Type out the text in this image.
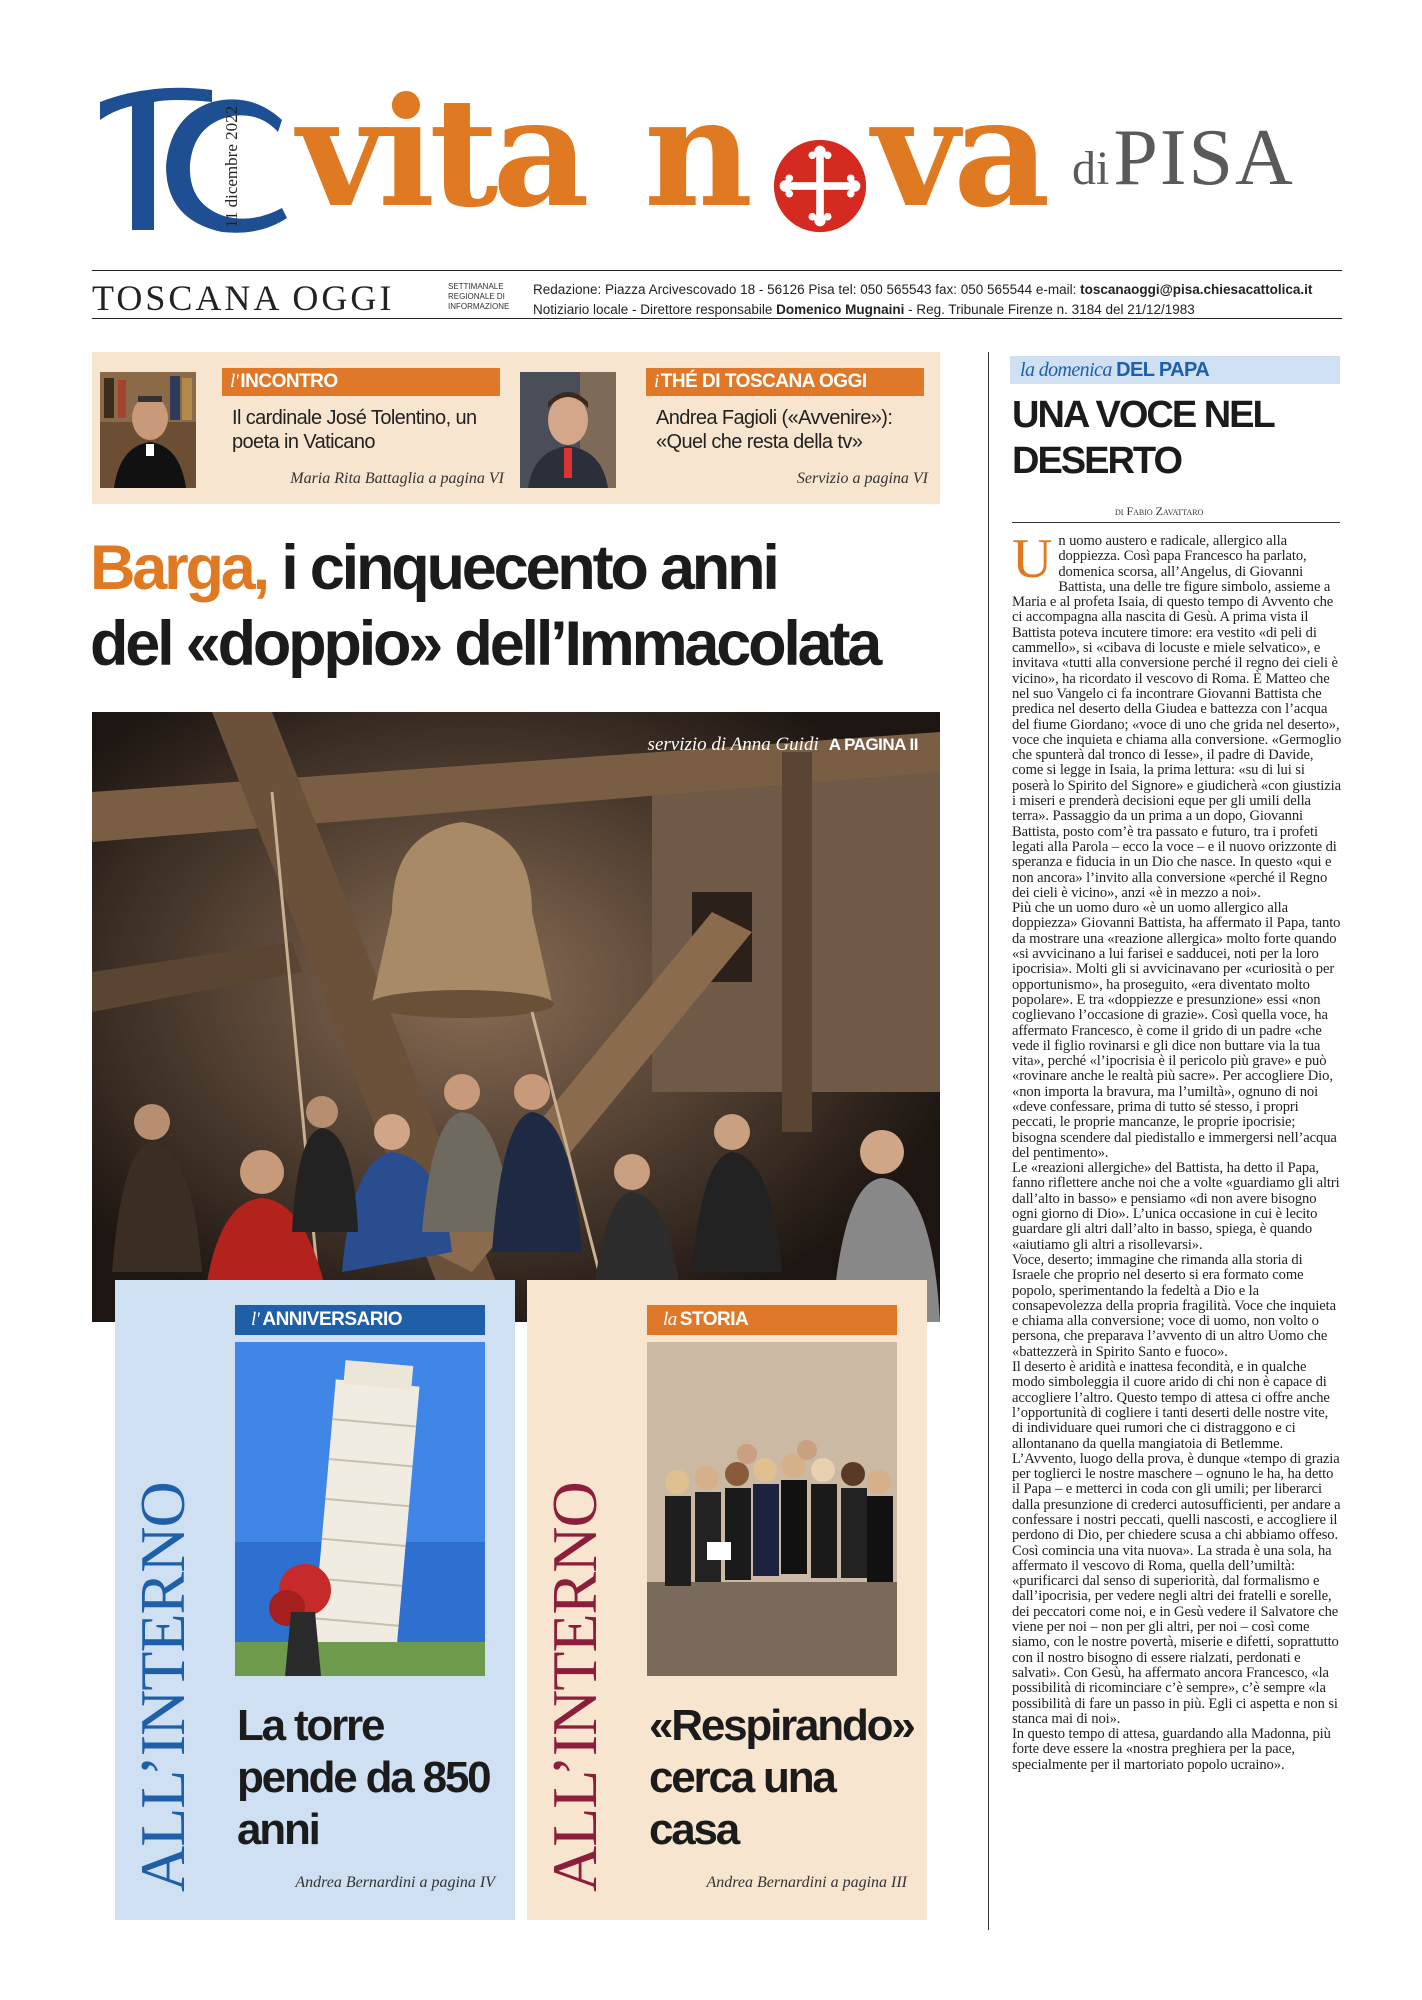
11 dicembre 2022 vita n va di PISA
TOSCANA OGGI	SETTIMANALE REGIONALE DI INFORMAZIONE
Redazione: Piazza Arcivescovado 18 - 56126 Pisa tel: 050 565543 fax: 050 565544 e-mail: toscanaoggi@pisa.chiesacattolica.it
Notiziario locale - Direttore responsabile Domenico Mugnaini - Reg. Tribunale Firenze n. 3184 del 21/12/1983
l' INCONTRO
Il cardinale José Tolentino, un poeta in Vaticano
Maria Rita Battaglia a pagina VI
i THÉ DI TOSCANA OGGI
Andrea Fagioli («Avvenire»): «Quel che resta della tv»
Servizio a pagina VI
Barga, i cinquecento anni
del «doppio» dell’Immacolata
servizio di Anna Guidi A PAGINA II
ALL’INTERNO
l' ANNIVERSARIO
La torre pende da 850 anni
Andrea Bernardini a pagina IV ALL’INTERNO
la STORIA
«Respirando» cerca una casa
Andrea Bernardini a pagina III
la domenica DEL PAPA
UNA VOCE NEL DESERTO
di Fabio Zavattaro

Un uomo austero e radicale, allergico alla doppiezza. Così papa Francesco ha parlato, domenica scorsa, all’Angelus, di Giovanni Battista, una delle tre figure simbolo, assieme a Maria e al profeta Isaia, di questo tempo di Avvento che ci accompagna alla nascita di Gesù. A prima vista il Battista poteva incutere timore: era vestito «di peli di cammello», si «cibava di locuste e miele selvatico», e invitava «tutti alla conversione perché il regno dei cieli è vicino», ha ricordato il vescovo di Roma. È Matteo che nel suo Vangelo ci fa incontrare Giovanni Battista che predica nel deserto della Giudea e battezza con l’acqua del fiume Giordano; «voce di uno che grida nel deserto», voce che inquieta e chiama alla conversione. «Germoglio che spunterà dal tronco di Iesse», il padre di Davide, come si legge in Isaia, la prima lettura: «su di lui si poserà lo Spirito del Signore» e giudicherà «con giustizia i miseri e prenderà decisioni eque per gli umili della terra». Passaggio da un prima a un dopo, Giovanni Battista, posto com’è tra passato e futuro, tra i profeti legati alla Parola – ecco la voce – e il nuovo orizzonte di speranza e fiducia in un Dio che nasce. In questo «qui e non ancora» l’invito alla conversione «perché il Regno dei cieli è vicino», anzi «è in mezzo a noi».

Più che un uomo duro «è un uomo allergico alla doppiezza» Giovanni Battista, ha affermato il Papa, tanto da mostrare una «reazione allergica» molto forte quando «si avvicinano a lui farisei e sadducei, noti per la loro ipocrisia». Molti gli si avvicinavano per «curiosità o per opportunismo», ha proseguito, «era diventato molto popolare». E tra «doppiezze e presunzione» essi «non coglievano l’occasione di grazie». Così quella voce, ha affermato Francesco, è come il grido di un padre «che vede il figlio rovinarsi e gli dice non buttare via la tua vita», perché «l’ipocrisia è il pericolo più grave» e può «rovinare anche le realtà più sacre». Per accogliere Dio, «non importa la bravura, ma l’umiltà», ognuno di noi «deve confessare, prima di tutto sé stesso, i propri peccati, le proprie mancanze, le proprie ipocrisie; bisogna scendere dal piedistallo e immergersi nell’acqua del pentimento».

Le «reazioni allergiche» del Battista, ha detto il Papa, fanno riflettere anche noi che a volte «guardiamo gli altri dall’alto in basso» e pensiamo «di non avere bisogno ogni giorno di Dio». L’unica occasione in cui è lecito guardare gli altri dall’alto in basso, spiega, è quando «aiutiamo gli altri a risollevarsi».

Voce, deserto; immagine che rimanda alla storia di Israele che proprio nel deserto si era formato come popolo, sperimentando la fedeltà a Dio e la consapevolezza della propria fragilità. Voce che inquieta e chiama alla conversione; voce di uomo, non volto o persona, che preparava l’avvento di un altro Uomo che «battezzerà in Spirito Santo e fuoco».

Il deserto è aridità e inattesa fecondità, e in qualche modo simboleggia il cuore arido di chi non è capace di accogliere l’altro. Questo tempo di attesa ci offre anche l’opportunità di cogliere i tanti deserti delle nostre vite, di individuare quei rumori che ci distraggono e ci allontanano da quella mangiatoia di Betlemme.

L’Avvento, luogo della prova, è dunque «tempo di grazia per toglierci le nostre maschere – ognuno le ha, ha detto il Papa – e metterci in coda con gli umili; per liberarci dalla presunzione di crederci autosufficienti, per andare a confessare i nostri peccati, quelli nascosti, e accogliere il perdono di Dio, per chiedere scusa a chi abbiamo offeso. Così comincia una vita nuova». La strada è una sola, ha affermato il vescovo di Roma, quella dell’umiltà: «purificarci dal senso di superiorità, dal formalismo e dall’ipocrisia, per vedere negli altri dei fratelli e sorelle, dei peccatori come noi, e in Gesù vedere il Salvatore che viene per noi – non per gli altri, per noi – così come siamo, con le nostre povertà, miserie e difetti, soprattutto con il nostro bisogno di essere rialzati, perdonati e salvati». Con Gesù, ha affermato ancora Francesco, «la possibilità di ricominciare c’è sempre», c’è sempre «la possibilità di fare un passo in più. Egli ci aspetta e non si stanca mai di noi».

In questo tempo di attesa, guardando alla Madonna, più forte deve essere la «nostra preghiera per la pace, specialmente per il martoriato popolo ucraino».
